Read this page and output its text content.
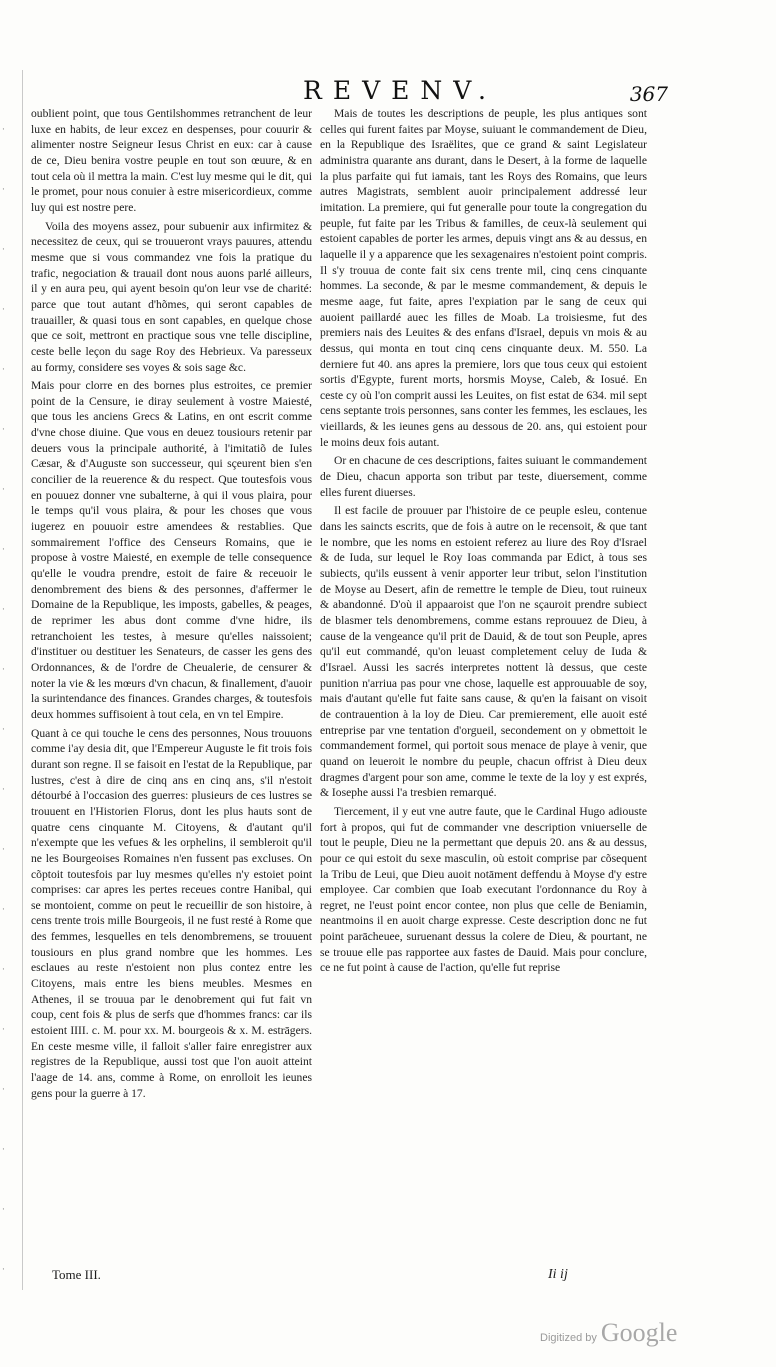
·
·
·
·
·
·
·
·
·
·
·
·
·
·
·
·
·
·
·
·
REVENV.	367

oublient point, que tous Gentilshommes retranchent de leur luxe en habits, de leur excez en despenses, pour couurir & alimenter nostre Seigneur Iesus Christ en eux: car à cause de ce, Dieu benira vostre peuple en tout son œuure, & en tout cela où il mettra la main. C'est luy mesme qui le dit, qui le promet, pour nous conuier à estre misericordieux, comme luy qui est nostre pere.

Voila des moyens assez, pour subuenir aux infirmitez & necessitez de ceux, qui se trouueront vrays pauures, attendu mesme que si vous commandez vne fois la pratique du trafic, negociation & trauail dont nous auons parlé ailleurs, il y en aura peu, qui ayent besoin qu'on leur vse de charité: parce que tout autant d'hõmes, qui seront capables de trauailler, & quasi tous en sont capables, en quelque chose que ce soit, mettront en practique sous vne telle discipline, ceste belle leçon du sage Roy des Hebrieux. Va paresseux au formy, considere ses voyes & sois sage &c.

Mais pour clorre en des bornes plus estroites, ce premier point de la Censure, ie diray seulement à vostre Maiesté, que tous les anciens Grecs & Latins, en ont escrit comme d'vne chose diuine. Que vous en deuez tousiours retenir par deuers vous la principale authorité, à l'imitatiõ de Iules Cæsar, & d'Auguste son successeur, qui sçeurent bien s'en concilier de la reuerence & du respect. Que toutesfois vous en pouuez donner vne subalterne, à qui il vous plaira, pour le temps qu'il vous plaira, & pour les choses que vous iugerez en pouuoir estre amendees & restablies. Que sommairement l'office des Censeurs Romains, que ie propose à vostre Maiesté, en exemple de telle consequence qu'elle le voudra prendre, estoit de faire & receuoir le denombrement des biens & des personnes, d'affermer le Domaine de la Republique, les imposts, gabelles, & peages, de reprimer les abus dont comme d'vne hidre, ils retranchoient les testes, à mesure qu'elles naissoient; d'instituer ou destituer les Senateurs, de casser les gens des Ordonnances, & de l'ordre de Cheualerie, de censurer & noter la vie & les mœurs d'vn chacun, & finallement, d'auoir la surintendance des finances. Grandes charges, & toutesfois deux hommes suffisoient à tout cela, en vn tel Empire.

Quant à ce qui touche le cens des personnes, Nous trouuons comme i'ay desia dit, que l'Empereur Auguste le fit trois fois durant son regne. Il se faisoit en l'estat de la Republique, par lustres, c'est à dire de cinq ans en cinq ans, s'il n'estoit détourbé à l'occasion des guerres: plusieurs de ces lustres se trouuent en l'Historien Florus, dont les plus hauts sont de quatre cens cinquante M. Citoyens, & d'autant qu'il n'exempte que les vefues & les orphelins, il sembleroit qu'il ne les Bourgeoises Romaines n'en fussent pas excluses. On cõptoit toutesfois par luy mesmes qu'elles n'y estoiet point comprises: car apres les pertes receues contre Hanibal, qui se montoient, comme on peut le recueillir de son histoire, à cens trente trois mille Bourgeois, il ne fust resté à Rome que des femmes, lesquelles en tels denombremens, se trouuent tousiours en plus grand nombre que les hommes. Les esclaues au reste n'estoient non plus contez entre les Citoyens, mais entre les biens meubles. Mesmes en Athenes, il se trouua par le denobrement qui fut fait vn coup, cent fois & plus de serfs que d'hommes francs: car ils estoient IIII. c. M. pour xx. M. bourgeois & x. M. estrāgers. En ceste mesme ville, il falloit s'aller faire enregistrer aux registres de la Republique, aussi tost que l'on auoit atteint l'aage de 14. ans, comme à Rome, on enrolloit les ieunes gens pour la guerre à 17.

Mais de toutes les descriptions de peuple, les plus antiques sont celles qui furent faites par Moyse, suiuant le commandement de Dieu, en la Republique des Israëlites, que ce grand & saint Legislateur administra quarante ans durant, dans le Desert, à la forme de laquelle la plus parfaite qui fut iamais, tant les Roys des Romains, que leurs autres Magistrats, semblent auoir principalement addressé leur imitation. La premiere, qui fut generalle pour toute la congregation du peuple, fut faite par les Tribus & familles, de ceux-là seulement qui estoient capables de porter les armes, depuis vingt ans & au dessus, en laquelle il y a apparence que les sexagenaires n'estoient point compris. Il s'y trouua de conte fait six cens trente mil, cinq cens cinquante hommes. La seconde, & par le mesme commandement, & depuis le mesme aage, fut faite, apres l'expiation par le sang de ceux qui auoient paillardé auec les filles de Moab. La troisiesme, fut des premiers nais des Leuites & des enfans d'Israel, depuis vn mois & au dessus, qui monta en tout cinq cens cinquante deux. M. 550. La derniere fut 40. ans apres la premiere, lors que tous ceux qui estoient sortis d'Egypte, furent morts, horsmis Moyse, Caleb, & Iosué. En ceste cy où l'on comprit aussi les Leuites, on fist estat de 634. mil sept cens septante trois personnes, sans conter les femmes, les esclaues, les vieillards, & les ieunes gens au dessous de 20. ans, qui estoient pour le moins deux fois autant.

Or en chacune de ces descriptions, faites suiuant le commandement de Dieu, chacun apporta son tribut par teste, diuersement, comme elles furent diuerses.

Il est facile de prouuer par l'histoire de ce peuple esleu, contenue dans les saincts escrits, que de fois à autre on le recensoit, & que tant le nombre, que les noms en estoient referez au liure des Roy d'Israel & de Iuda, sur lequel le Roy Ioas commanda par Edict, à tous ses subiects, qu'ils eussent à venir apporter leur tribut, selon l'institution de Moyse au Desert, afin de remettre le temple de Dieu, tout ruineux & abandonné. D'où il appaaroist que l'on ne sçauroit prendre subiect de blasmer tels denombremens, comme estans reprouuez de Dieu, à cause de la vengeance qu'il prit de Dauid, & de tout son Peuple, apres qu'il eut commandé, qu'on leuast completement celuy de Iuda & d'Israel. Aussi les sacrés interpretes nottent là dessus, que ceste punition n'arriua pas pour vne chose, laquelle est approuuable de soy, mais d'autant qu'elle fut faite sans cause, & qu'en la faisant on visoit de contrauention à la loy de Dieu. Car premierement, elle auoit esté entreprise par vne tentation d'orgueil, secondement on y obmettoit le commandement formel, qui portoit sous menace de playe à venir, que quand on leueroit le nombre du peuple, chacun offrist à Dieu deux dragmes d'argent pour son ame, comme le texte de la loy y est exprés, & Iosephe aussi l'a tresbien remarqué.

Tiercement, il y eut vne autre faute, que le Cardinal Hugo adiouste fort à propos, qui fut de commander vne description vniuerselle de tout le peuple, Dieu ne la permettant que depuis 20. ans & au dessus, pour ce qui estoit du sexe masculin, où estoit comprise par cõsequent la Tribu de Leui, que Dieu auoit notāment deffendu à Moyse d'y estre employee. Car combien que Ioab executant l'ordonnance du Roy à regret, ne l'eust point encor contee, non plus que celle de Beniamin, neantmoins il en auoit charge expresse. Ceste description donc ne fut point parācheuee, suruenant dessus la colere de Dieu, & pourtant, ne se trouue elle pas rapportee aux fastes de Dauid. Mais pour conclure, ce ne fut point à cause de l'action, qu'elle fut reprise

Tome III.	Ii ij
Digitized by Google
